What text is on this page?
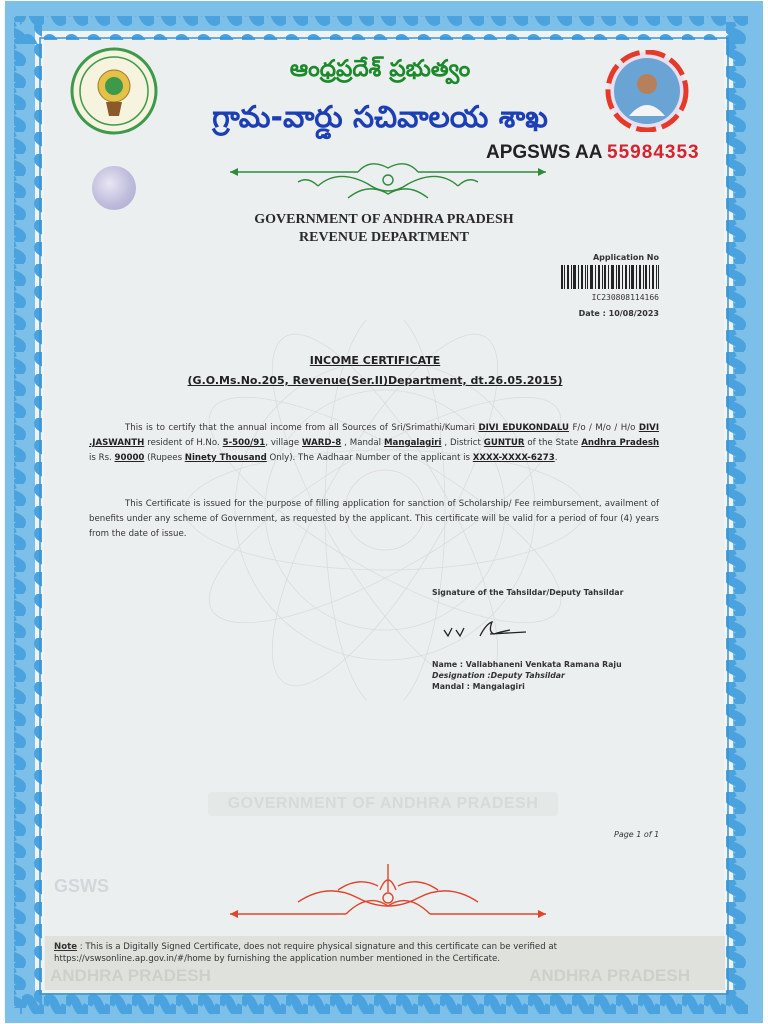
ఆంధ్రప్రదేశ్ ప్రభుత్వం
గ్రామ-వార్డు సచివాలయ శాఖ
APGSWS AA 55984353
GOVERNMENT OF ANDHRA PRADESH
REVENUE DEPARTMENT
Application No
IC230808114166
Date : 10/08/2023
INCOME CERTIFICATE
(G.O.Ms.No.205, Revenue(Ser.II)Department, dt.26.05.2015)
This is to certify that the annual income from all Sources of Sri/Srimathi/Kumari DIVI EDUKONDALU F/o / M/o / H/o DIVI .JASWANTH resident of H.No. 5-500/91, village WARD-8 , Mandal Mangalagiri , District GUNTUR of the State Andhra Pradesh is Rs. 90000 (Rupees Ninety Thousand Only). The Aadhaar Number of the applicant is XXXX-XXXX-6273.
This Certificate is issued for the purpose of filling application for sanction of Scholarship/ Fee reimbursement, availment of benefits under any scheme of Government, as requested by the applicant. This certificate will be valid for a period of four (4) years from the date of issue.
Signature of the Tahsildar/Deputy Tahsildar
Name : Vallabhaneni Venkata Ramana Raju
Designation :Deputy Tahsildar
Mandal : Mangalagiri
GOVERNMENT OF ANDHRA PRADESH
Page 1 of 1
GSWS
Note : This is a Digitally Signed Certificate, does not require physical signature and this certificate can be verified at https://vswsonline.ap.gov.in/#/home by furnishing the application number mentioned in the Certificate.
ANDHRA PRADESH	ANDHRA PRADESH
